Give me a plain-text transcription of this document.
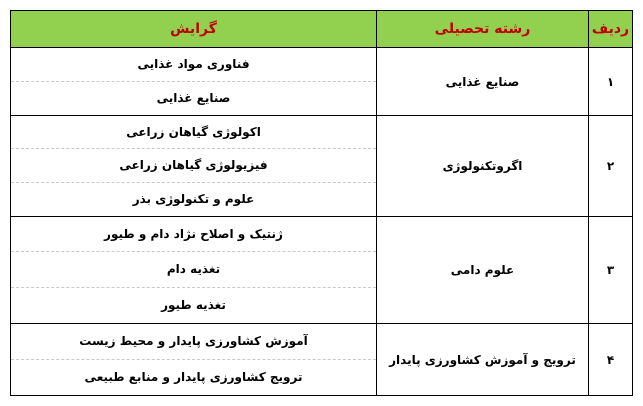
ردیف	رشته تحصیلی	گرایش
۱	صنایع غذایی	فناوری مواد غذایی
صنایع غذایی

۲	اگروتکنولوژی	اکولوژی گیاهان زراعی
فیزیولوژی گیاهان زراعی
علوم و تکنولوژی بذر

۳	علوم دامی	ژنتیک و اصلاح نژاد دام و طیور
تغذیه دام
تغذیه طیور

۴	ترویج و آموزش کشاورزی پایدار	آموزش کشاورزی پایدار و محیط زیست
ترویج کشاورزی پایدار و منابع طبیعی
